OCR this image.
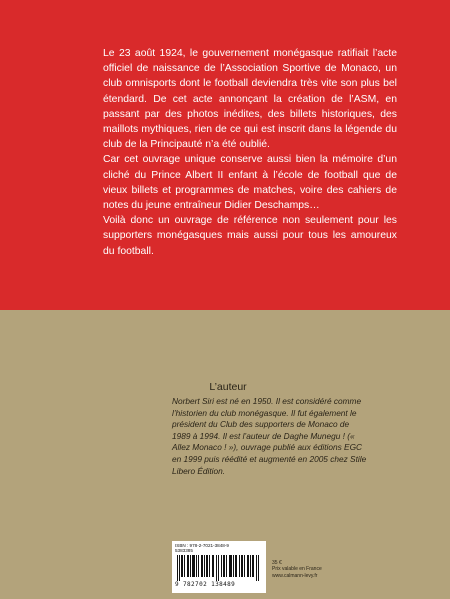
Le 23 août 1924, le gouvernement monégasque ratifiait l’acte officiel de naissance de l’Association Sportive de Monaco, un club omnisports dont le football deviendra très vite son plus bel étendard. De cet acte annonçant la création de l’ASM, en passant par des photos inédites, des billets historiques, des maillots mythiques, rien de ce qui est inscrit dans la légende du club de la Principauté n’a été oublié.

Car cet ouvrage unique conserve aussi bien la mémoire d’un cliché du Prince Albert II enfant à l’école de football que de vieux billets et programmes de matches, voire des cahiers de notes du jeune entraîneur Didier Deschamps…

Voilà donc un ouvrage de référence non seulement pour les supporters monégasques mais aussi pour tous les amoureux du football.

L’auteur
Norbert Siri est né en 1950. Il est considéré comme l’historien du club monégasque. Il fut également le président du Club des supporters de Monaco de 1989 à 1994. Il est l’auteur de Daghe Munegu ! (« Allez Monaco ! »), ouvrage publié aux éditions EGC en 1999 puis réédité et augmenté en 2005 chez Stile Libero Édition.
ISBN : 978-2-7021-3848-9
5383385
9 782702 138489
35 €
Prix valable en France
www.calmann-levy.fr
